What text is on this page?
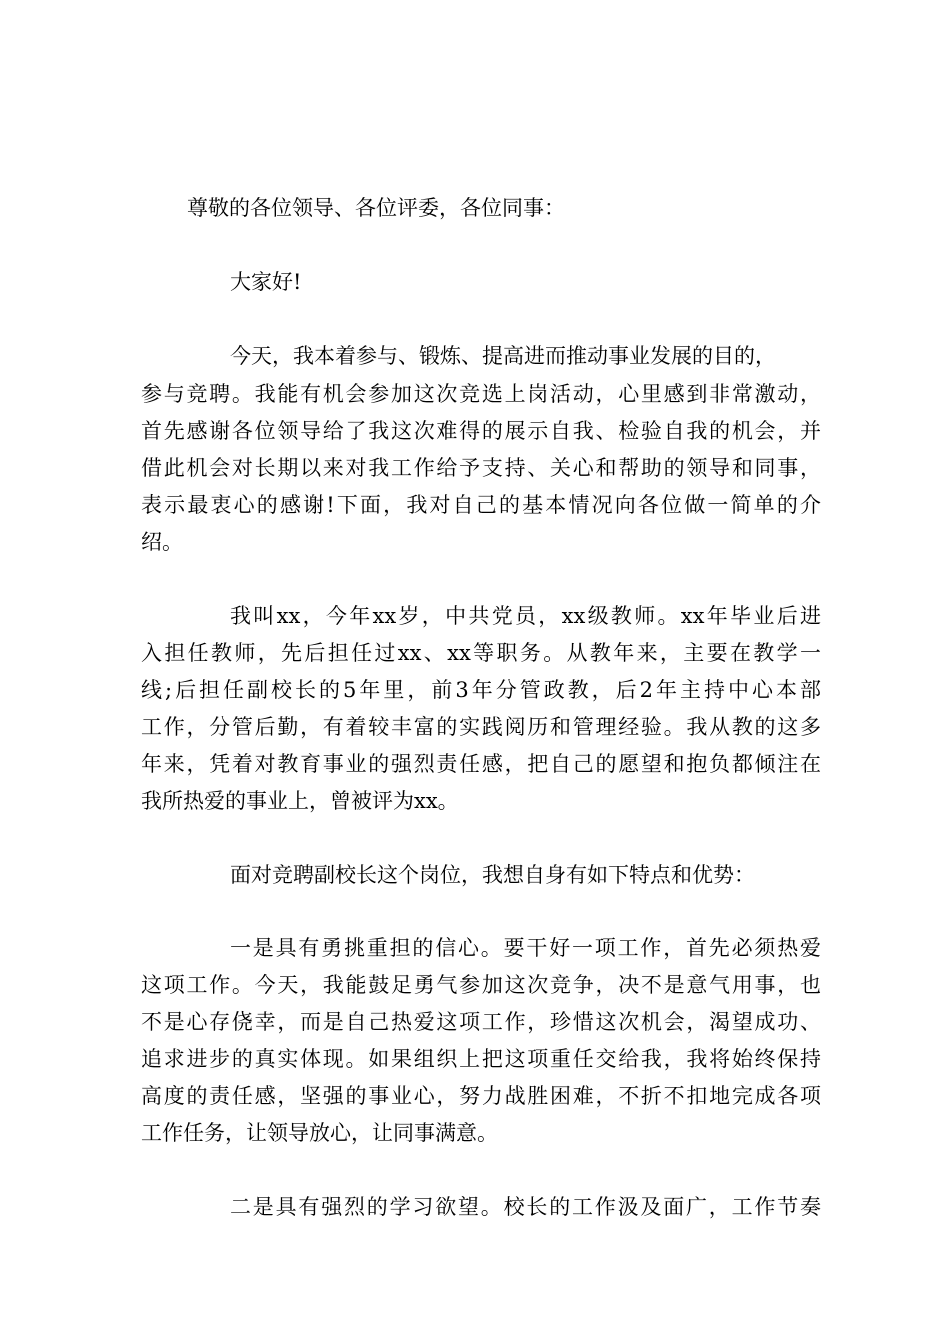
尊敬的各位领导、各位评委，各位同事：
大家好!
今天，我本着参与、锻炼、提高进而推动事业发展的目的，
参与竞聘。我能有机会参加这次竞选上岗活动，心里感到非常激动，
首先感谢各位领导给了我这次难得的展示自我、检验自我的机会，并
借此机会对长期以来对我工作给予支持、关心和帮助的领导和同事，
表示最衷心的感谢!下面，我对自己的基本情况向各位做一简单的介
绍。
我叫xx，今年xx岁，中共党员，xx级教师。xx年毕业后进
入担任教师，先后担任过xx、xx等职务。从教年来，主要在教学一
线;后担任副校长的5年里，前3年分管政教，后2年主持中心本部
工作，分管后勤，有着较丰富的实践阅历和管理经验。我从教的这多
年来，凭着对教育事业的强烈责任感，把自己的愿望和抱负都倾注在
我所热爱的事业上，曾被评为xx。
面对竞聘副校长这个岗位，我想自身有如下特点和优势：
一是具有勇挑重担的信心。要干好一项工作，首先必须热爱
这项工作。今天，我能鼓足勇气参加这次竞争，决不是意气用事，也
不是心存侥幸，而是自己热爱这项工作，珍惜这次机会，渴望成功、
追求进步的真实体现。如果组织上把这项重任交给我，我将始终保持
高度的责任感，坚强的事业心，努力战胜困难，不折不扣地完成各项
工作任务，让领导放心，让同事满意。
二是具有强烈的学习欲望。校长的工作汲及面广，工作节奏
